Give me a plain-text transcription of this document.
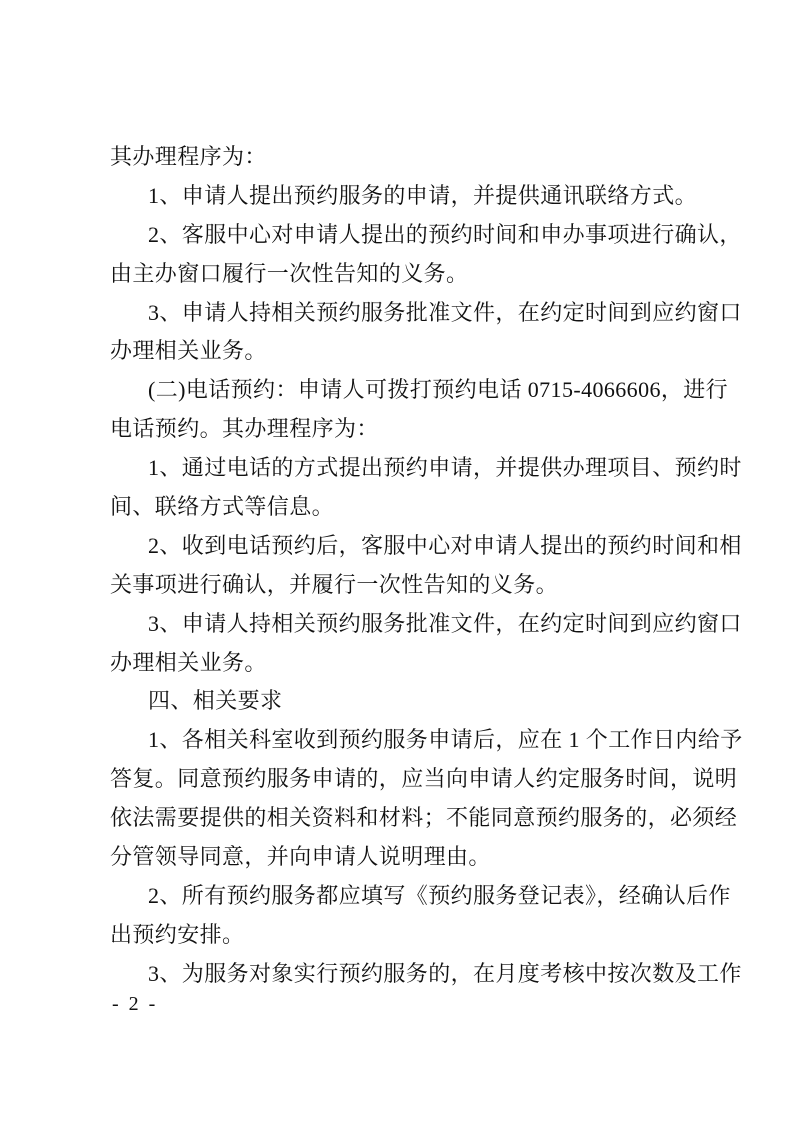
其办理程序为：
1、申请人提出预约服务的申请，并提供通讯联络方式。
2、客服中心对申请人提出的预约时间和申办事项进行确认，
由主办窗口履行一次性告知的义务。
3、申请人持相关预约服务批准文件，在约定时间到应约窗口
办理相关业务。
(二)电话预约：申请人可拨打预约电话 0715-4066606，进行
电话预约。其办理程序为：
1、通过电话的方式提出预约申请，并提供办理项目、预约时
间、联络方式等信息。
2、收到电话预约后，客服中心对申请人提出的预约时间和相
关事项进行确认，并履行一次性告知的义务。
3、申请人持相关预约服务批准文件，在约定时间到应约窗口
办理相关业务。
四、相关要求
1、各相关科室收到预约服务申请后，应在 1 个工作日内给予
答复。同意预约服务申请的，应当向申请人约定服务时间，说明
依法需要提供的相关资料和材料；不能同意预约服务的，必须经
分管领导同意，并向申请人说明理由。
2、所有预约服务都应填写《预约服务登记表》，经确认后作
出预约安排。
3、为服务对象实行预约服务的，在月度考核中按次数及工作
- 2 -
